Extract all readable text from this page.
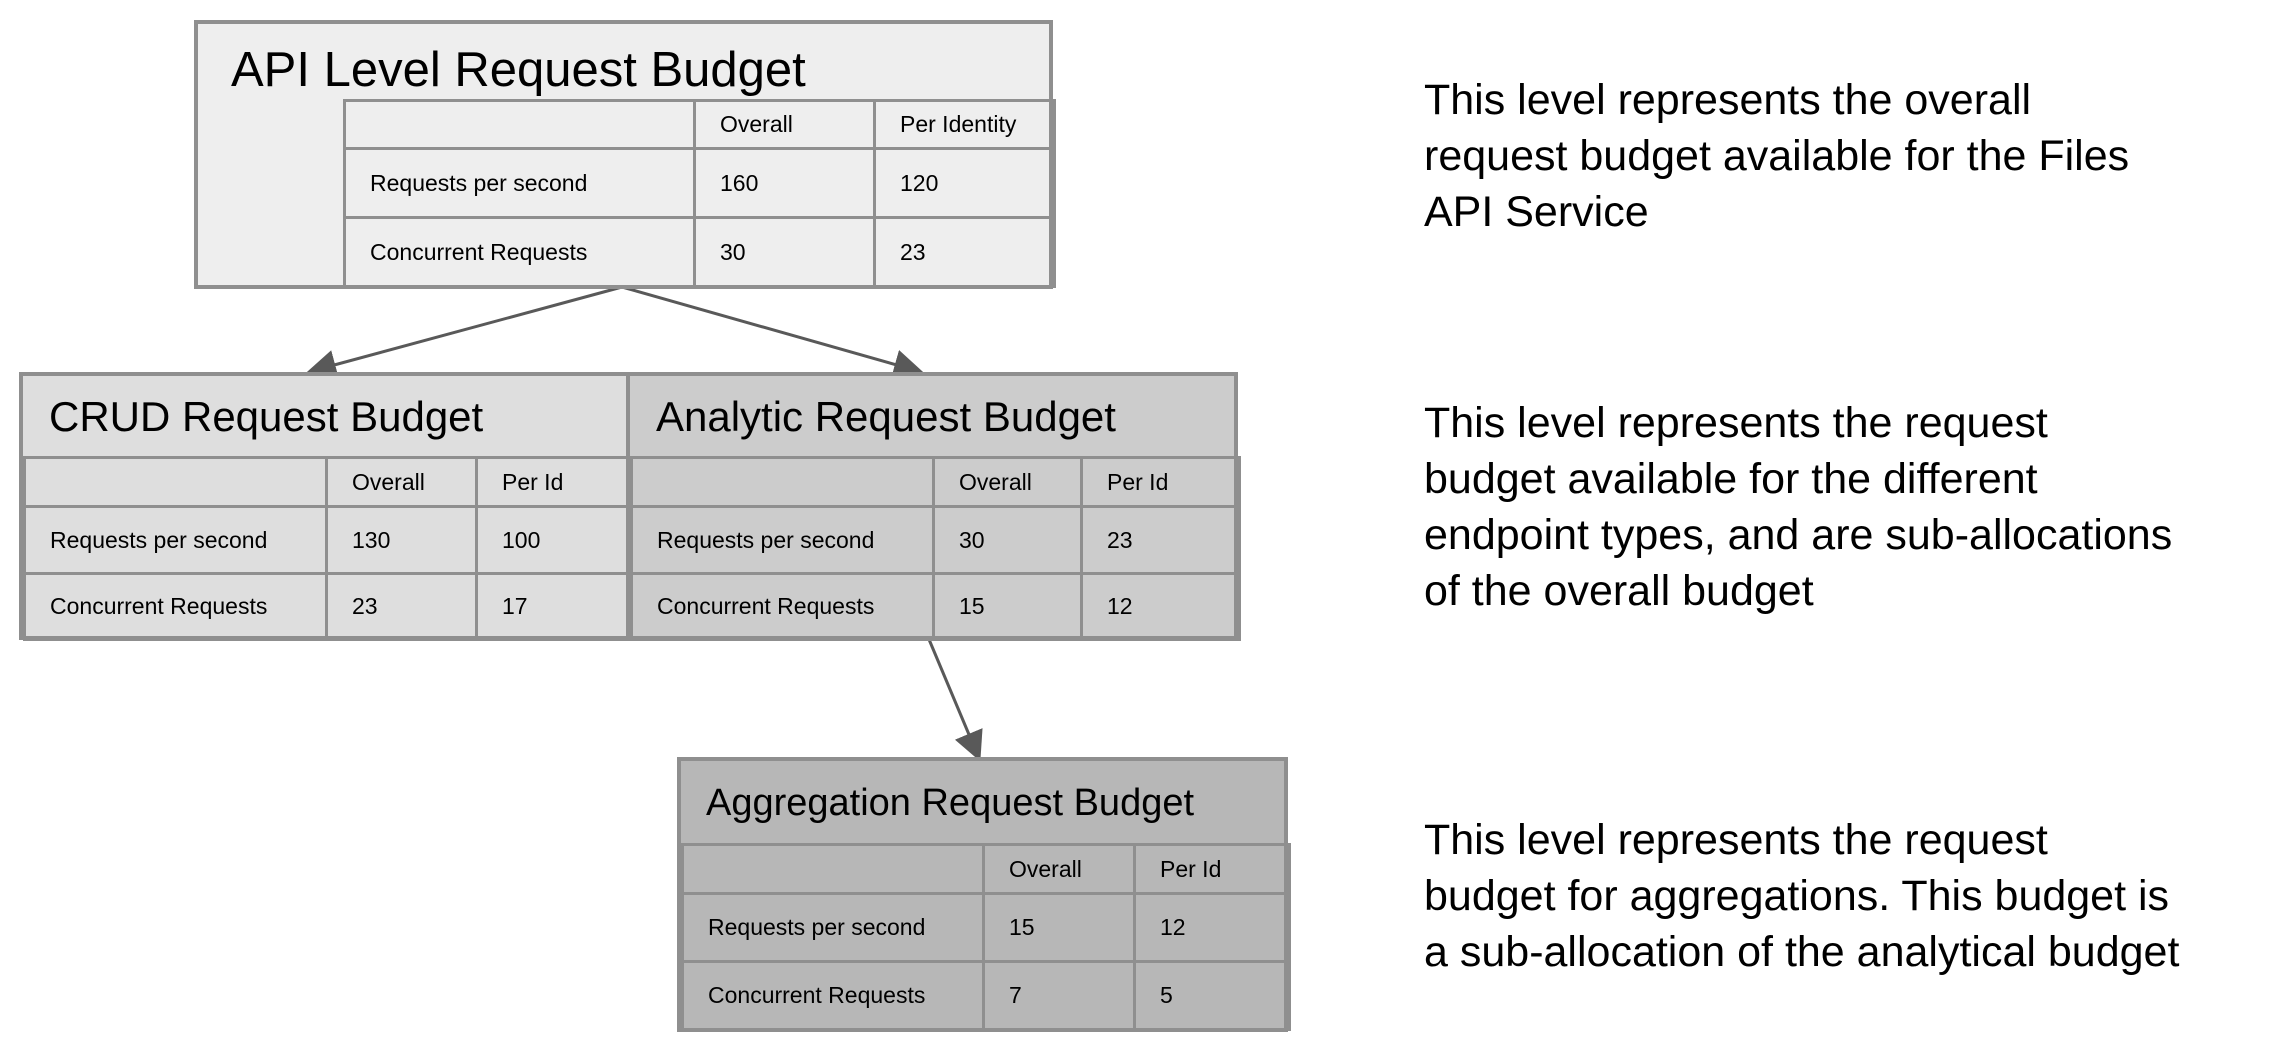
API Level Request Budget
	Overall	Per Identity
Requests per second	160	120
Concurrent Requests	30	23
CRUD Request Budget
	Overall	Per Id
Requests per second	130	100
Concurrent Requests	23	17
Analytic Request Budget
	Overall	Per Id
Requests per second	30	23
Concurrent Requests	15	12
Aggregation Request Budget
	Overall	Per Id
Requests per second	15	12
Concurrent Requests	7	5
This level represents the overall
request budget available for the Files
API Service
This level represents the request
budget available for the different
endpoint types, and are sub-allocations
of the overall budget
This level represents the request
budget for aggregations. This budget is
a sub-allocation of the analytical budget
